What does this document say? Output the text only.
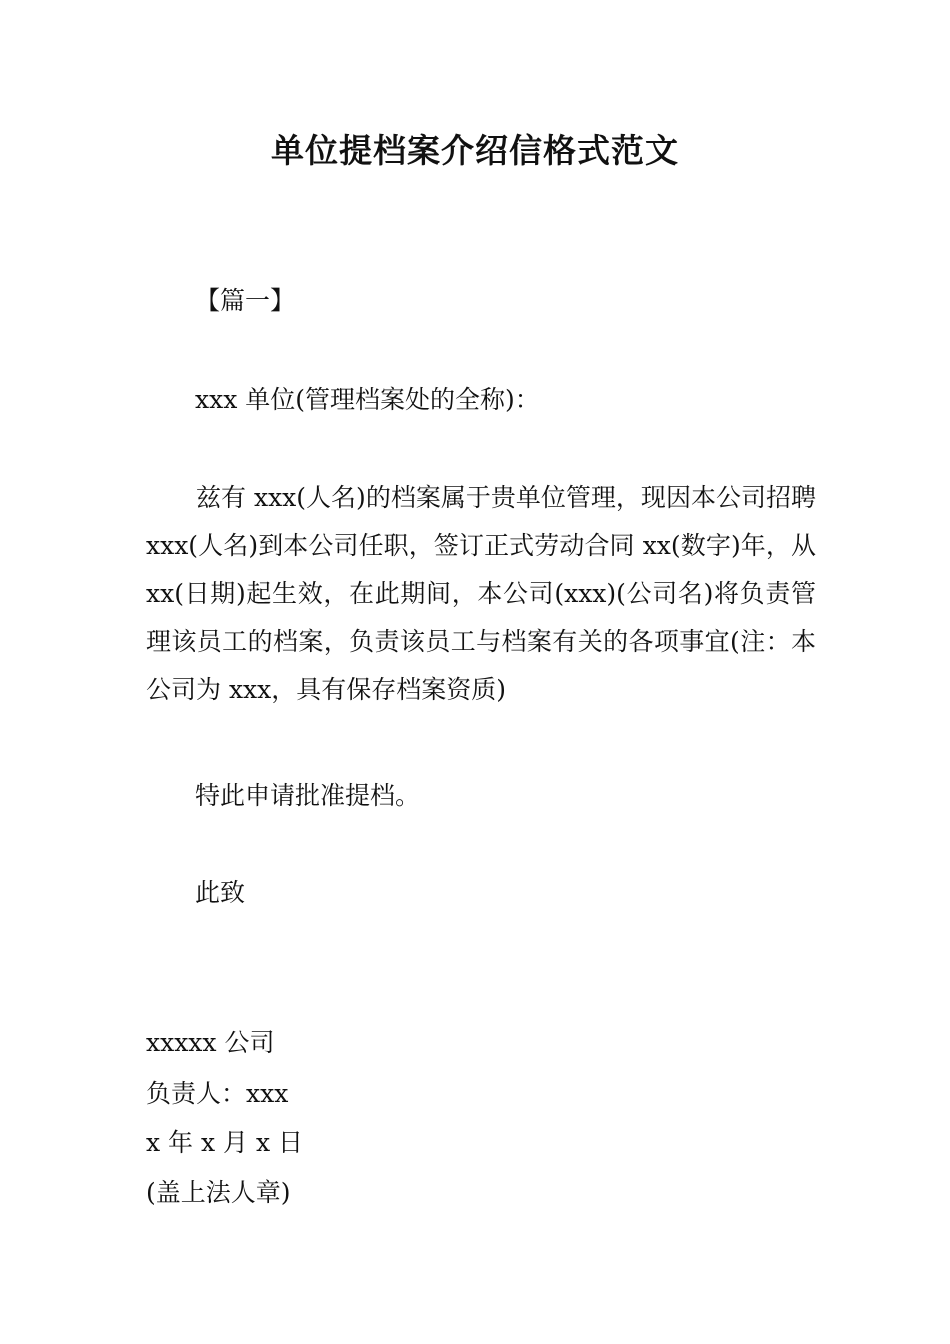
单位提档案介绍信格式范文
【篇一】
xxx 单位(管理档案处的全称)：
兹有 xxx(人名)的档案属于贵单位管理，现因本公司招聘 xxx(人名)到本公司任职，签订正式劳动合同 xx(数字)年，从 xx(日期)起生效，在此期间，本公司(xxx)(公司名)将负责管理该员工的档案，负责该员工与档案有关的各项事宜(注：本公司为 xxx，具有保存档案资质)
特此申请批准提档。
此致
xxxxx 公司
负责人：xxx
x 年 x 月 x 日
(盖上法人章)
